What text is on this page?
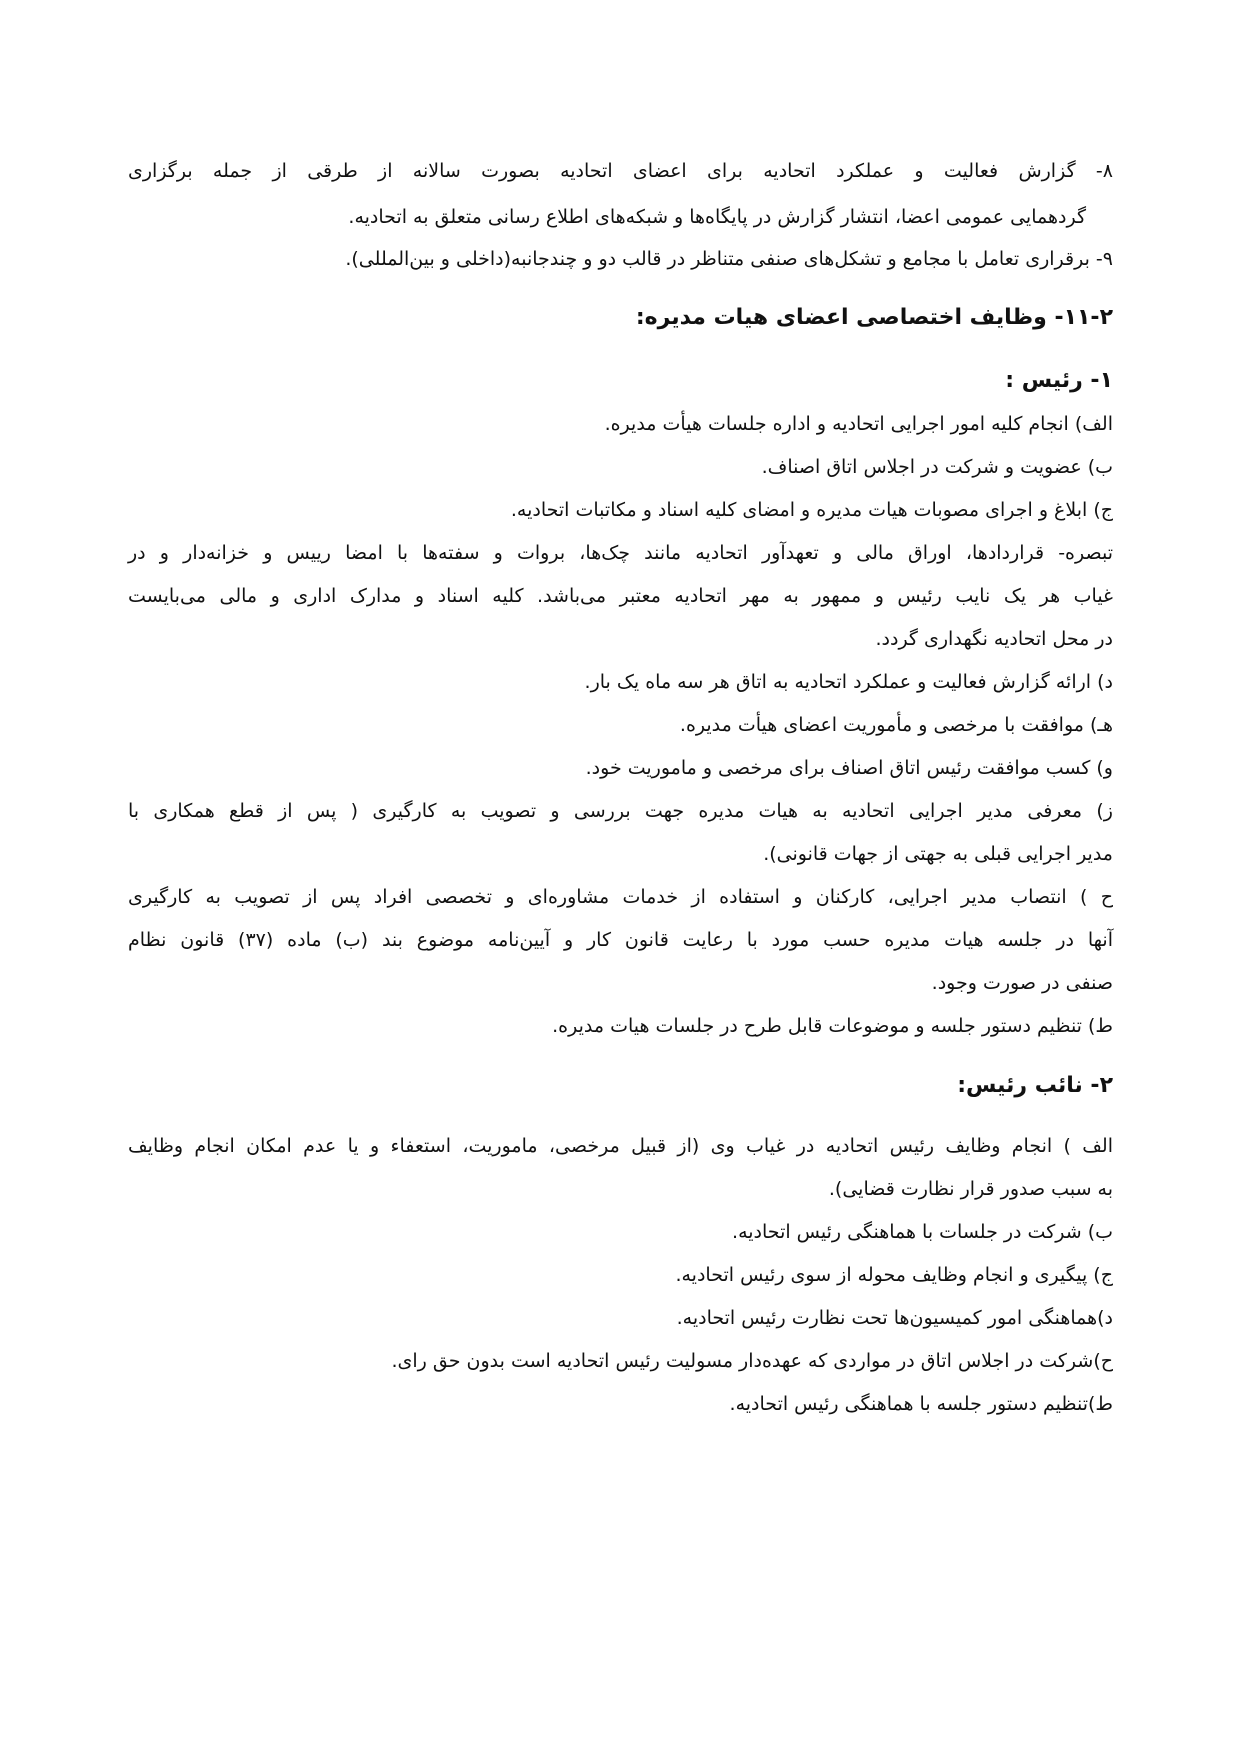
۸- گزارش فعالیت و عملکرد اتحادیه برای اعضای اتحادیه بصورت سالانه از طرقی از جمله برگزاری
گردهمایی عمومی اعضا، انتشار گزارش در پایگاه‌ها و شبکه‌های اطلاع رسانی متعلق به اتحادیه.
۹- برقراری تعامل با مجامع و تشکل‌های صنفی متناظر در قالب دو و چندجانبه(داخلی و بین‌المللی).
۱۱-۲- وظایف اختصاصی اعضای هیات مدیره:
۱- رئیس :
الف) انجام کلیه امور اجرایی اتحادیه و اداره جلسات هیأت مدیره.
ب) عضویت و شرکت در اجلاس اتاق اصناف.
ج) ابلاغ و اجرای مصوبات هیات مدیره و امضای کلیه اسناد و مکاتبات اتحادیه.
تبصره- قراردادها، اوراق مالی و تعهدآور اتحادیه مانند چک‌ها، بروات و سفته‌ها با امضا رییس و خزانه‌دار و در
غیاب هر یک نایب رئیس و ممهور به مهر اتحادیه معتبر می‌باشد. کلیه اسناد و مدارک اداری و مالی می‌بایست
در محل اتحادیه نگهداری گردد.
د) ارائه گزارش فعالیت و عملکرد اتحادیه به اتاق هر سه ماه یک بار.
هـ) موافقت با مرخصی و مأموریت اعضای هیأت مدیره.
و) کسب موافقت رئیس اتاق اصناف برای مرخصی و ماموریت خود.
ز) معرفی مدیر اجرایی اتحادیه به هیات مدیره جهت بررسی و تصویب به کارگیری ( پس از قطع همکاری با
مدیر اجرایی قبلی به جهتی از جهات قانونی).
ح ) انتصاب مدیر اجرایی، کارکنان و استفاده از خدمات مشاوره‌ای و تخصصی افراد پس از تصویب به کارگیری
آنها در جلسه هیات مدیره حسب مورد با رعایت قانون کار و آیین‌نامه موضوع بند (ب) ماده (۳۷) قانون نظام
صنفی در صورت وجود.
ط) تنظیم دستور جلسه و موضوعات قابل طرح در جلسات هیات مدیره.
۲- نائب رئیس:
الف ) انجام وظایف رئیس اتحادیه در غیاب وی (از قبیل مرخصی، ماموریت، استعفاء و یا عدم امکان انجام وظایف
به سبب صدور قرار نظارت قضایی).
ب) شرکت در جلسات با هماهنگی رئیس اتحادیه.
ج) پیگیری و انجام وظایف محوله از سوی رئیس اتحادیه.
د)هماهنگی امور کمیسیون‌ها تحت نظارت رئیس اتحادیه.
ح)شرکت در اجلاس اتاق در مواردی که عهده‌دار مسولیت رئیس اتحادیه است بدون حق رای.
ط)تنظیم دستور جلسه با هماهنگی رئیس اتحادیه.
